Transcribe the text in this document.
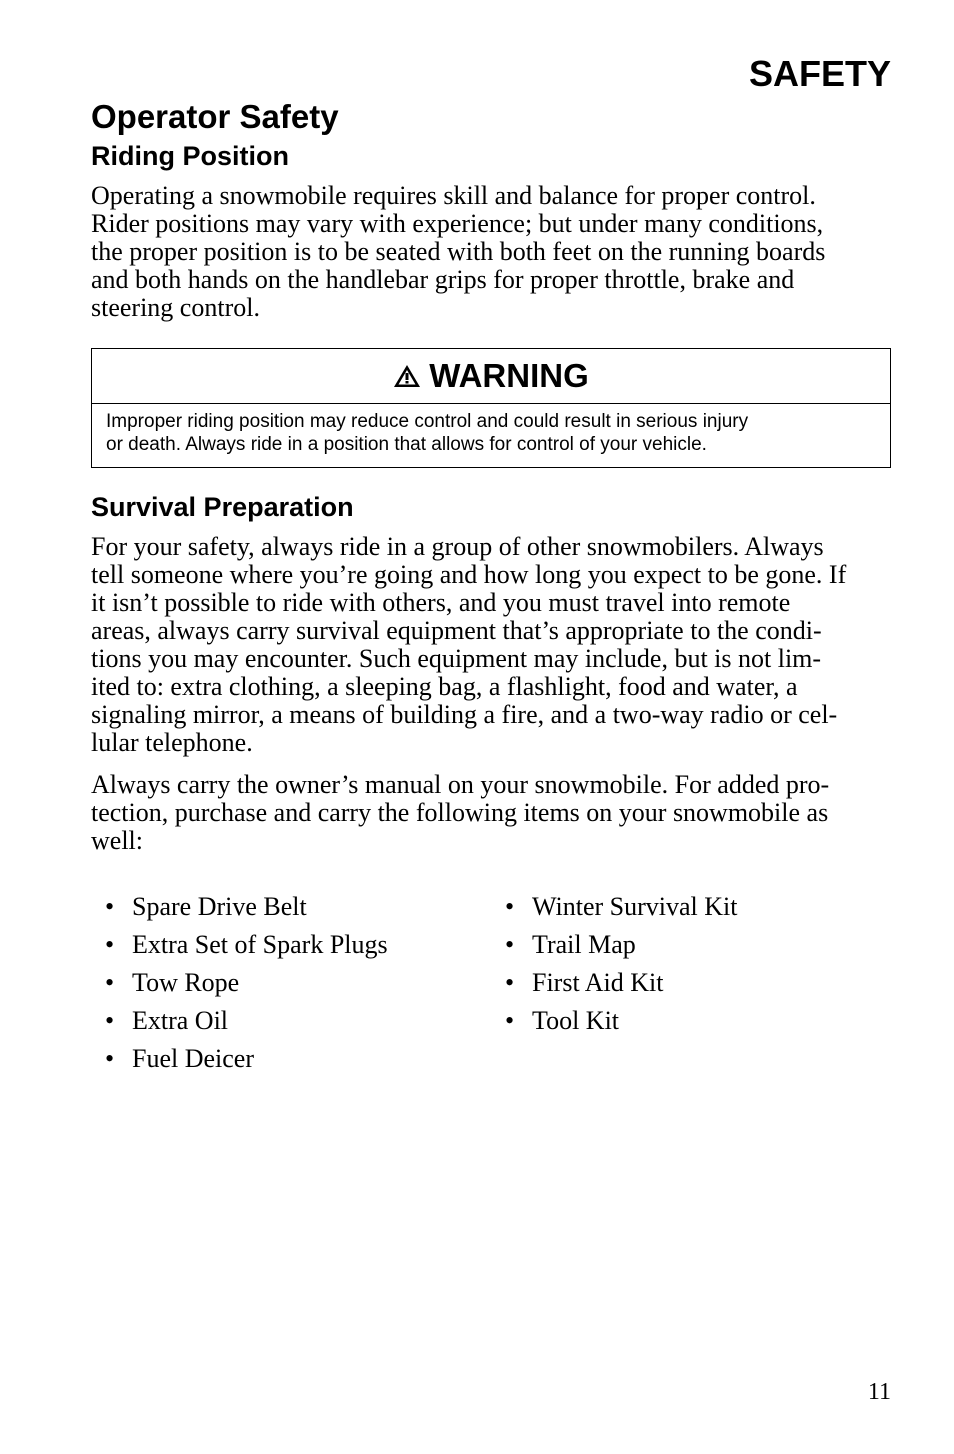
SAFETY
Operator Safety
Riding Position
Operating a snowmobile requires skill and balance for proper control.
Rider positions may vary with experience; but under many conditions,
the proper position is to be seated with both feet on the running boards
and both hands on the handlebar grips for proper throttle, brake and
steering control.
WARNING
Improper riding position may reduce control and could result in serious injury
or death. Always ride in a position that allows for control of your vehicle.
Survival Preparation
For your safety, always ride in a group of other snowmobilers. Always
tell someone where you’re going and how long you expect to be gone. If
it isn’t possible to ride with others, and you must travel into remote
areas, always carry survival equipment that’s appropriate to the condi-
tions you may encounter. Such equipment may include, but is not lim-
ited to: extra clothing, a sleeping bag, a flashlight, food and water, a
signaling mirror, a means of building a fire, and a two-way radio or cel-
lular telephone.
Always carry the owner’s manual on your snowmobile. For added pro-
tection, purchase and carry the following items on your snowmobile as
well:
• Spare Drive Belt
• Extra Set of Spark Plugs
• Tow Rope
• Extra Oil
• Fuel Deicer
• Winter Survival Kit
• Trail Map
• First Aid Kit
• Tool Kit
11
